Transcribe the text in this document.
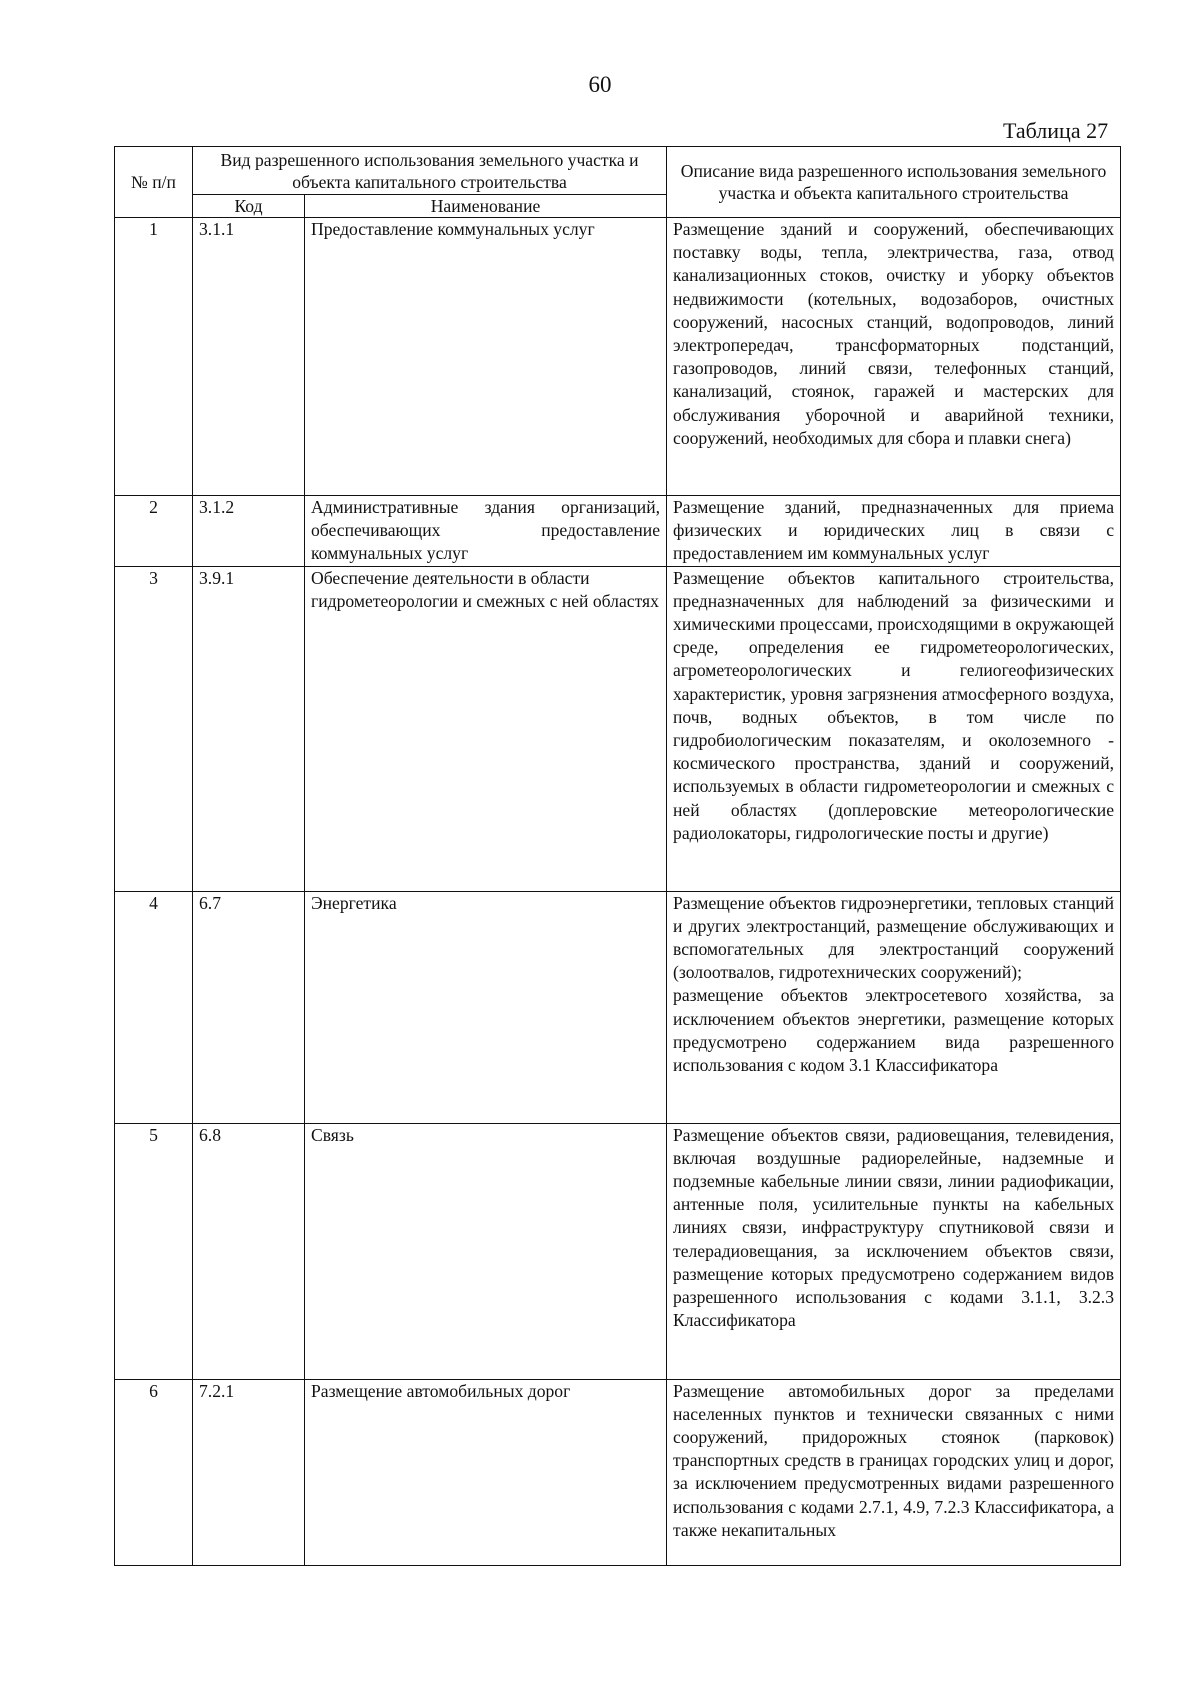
60
Таблица 27
№ п/п	Вид разрешенного использования земельного участка и объекта капитального строительства		Описание вида разрешенного использования земельного участка и объекта капитального строительства
	Код	Наименование	
1	3.1.1	Предоставление коммунальных услуг	Размещение зданий и сооружений, обеспечивающих поставку воды, тепла, электричества, газа, отвод канализационных стоков, очистку и уборку объектов недвижимости (котельных, водозаборов, очистных сооружений, насосных станций, водопроводов, линий электропередач, трансформаторных подстанций, газопроводов, линий связи, телефонных станций, канализаций, стоянок, гаражей и мастерских для обслуживания уборочной и аварийной техники, сооружений, необходимых для сбора и плавки снега)
2	3.1.2	Административные здания организаций, обеспечивающих предоставление коммунальных услуг	Размещение зданий, предназначенных для приема физических и юридических лиц в связи с предоставлением им коммунальных услуг
3	3.9.1	Обеспечение деятельности в области гидрометеорологии и смежных с ней областях	Размещение объектов капитального строительства, предназначенных для наблюдений за физическими и химическими процессами, происходящими в окружающей среде, определения ее гидрометеорологических, агрометеорологических и гелиогеофизических характеристик, уровня загрязнения атмосферного воздуха, почв, водных объектов, в том числе по гидробиологическим показателям, и околоземного - космического пространства, зданий и сооружений, используемых в области гидрометеорологии и смежных с ней областях (доплеровские метеорологические радиолокаторы, гидрологические посты и другие)
4	6.7	Энергетика	Размещение объектов гидроэнергетики, тепловых станций и других электростанций, размещение обслуживающих и вспомогательных для электростанций сооружений (золоотвалов, гидротехнических сооружений);
размещение объектов электросетевого хозяйства, за исключением объектов энергетики, размещение которых предусмотрено содержанием вида разрешенного использования с кодом 3.1 Классификатора
5	6.8	Связь	Размещение объектов связи, радиовещания, телевидения, включая воздушные радиорелейные, надземные и подземные кабельные линии связи, линии радиофикации, антенные поля, усилительные пункты на кабельных линиях связи, инфраструктуру спутниковой связи и телерадиовещания, за исключением объектов связи, размещение которых предусмотрено содержанием видов разрешенного использования с кодами 3.1.1, 3.2.3 Классификатора
6	7.2.1	Размещение автомобильных дорог	Размещение автомобильных дорог за пределами населенных пунктов и технически связанных с ними сооружений, придорожных стоянок (парковок) транспортных средств в границах городских улиц и дорог, за исключением предусмотренных видами разрешенного использования с кодами 2.7.1, 4.9, 7.2.3 Классификатора, а также некапитальных
